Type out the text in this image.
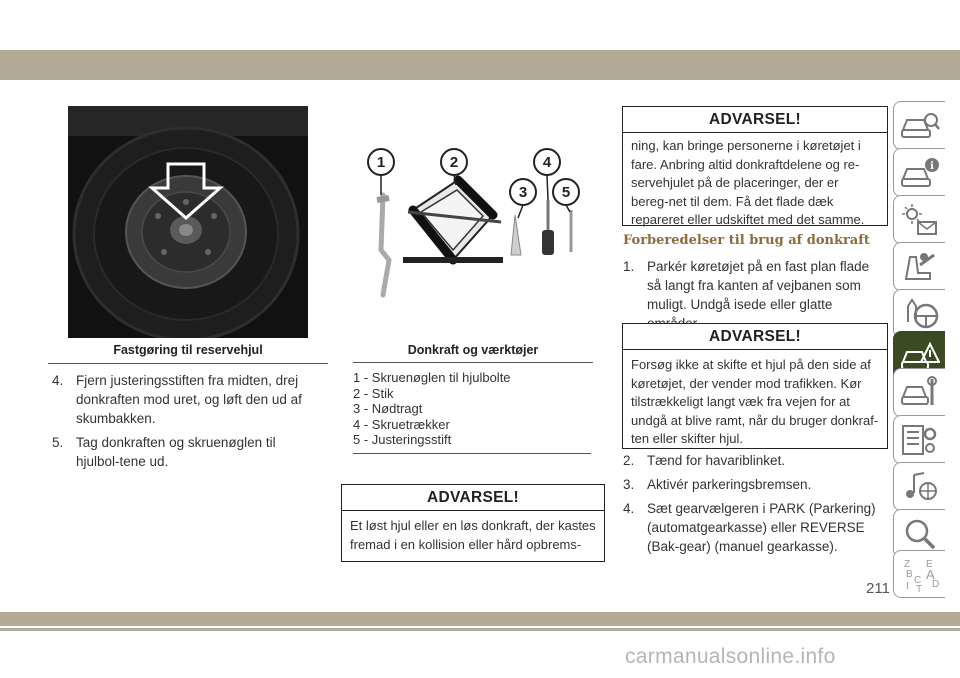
Fastgøring til reservehjul
4. Fjern justeringsstiften fra midten, drej donkraften mod uret, og løft den ud af skumbakken.
5. Tag donkraften og skruenøglen til hjulbol-tene ud.
1	2
3
4
5
Donkraft og værktøjer
1 - Skruenøglen til hjulbolte
2 - Stik
3 - Nødtragt
4 - Skruetrækker
5 - Justeringsstift
ADVARSEL!
Et løst hjul eller en løs donkraft, der kastes fremad i en kollision eller hård opbrems-
ADVARSEL!
ning, kan bringe personerne i køretøjet i fare. Anbring altid donkraftdelene og re-servehjulet på de placeringer, der er bereg-net til dem. Få det flade dæk repareret eller udskiftet med det samme.
Forberedelser til brug af donkraft
1. Parkér køretøjet på en fast plan flade så langt fra kanten af vejbanen som muligt. Undgå isede eller glatte
ADVARSEL!
Forsøg ikke at skifte et hjul på den side af køretøjet, der vender mod trafikken. Kør tilstrækkeligt langt væk fra vejen for at undgå at blive ramt, når du bruger donkraf-ten eller skifter hjul.
2. Tænd for havariblinket.
3. Aktivér parkeringsbremsen.
4. Sæt gearvælgeren i PARK (Parkering) (automatgearkasse) eller REVERSE (Bak-gear) (manuel gearkasse).
i
Z E
B A
C D
I T
211
carmanualsonline.info
